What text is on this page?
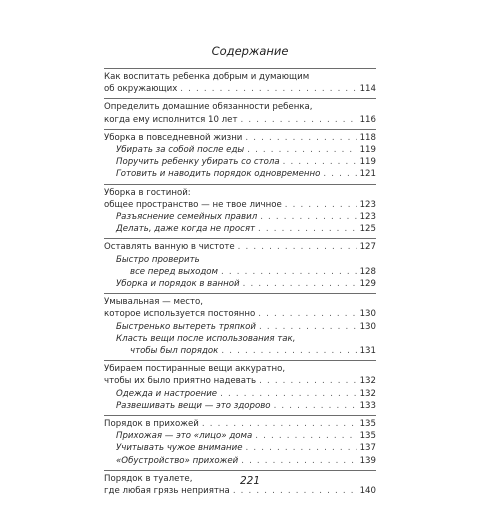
Содержание
Как воспитать ребенка добрым и думающим
об окружающих . . .	114
Определить домашние обязанности ребенка,
когда ему исполнится 10 лет . . .	116
Уборка в повседневной жизни . . .	118
Убирать за собой после еды . . .	119
Поручить ребенку убирать со стола . . .	119
Готовить и наводить порядок одновременно . . .	121
Уборка в гостиной:
общее пространство — не твое личное . . .	123
Разъяснение семейных правил . . .	123
Делать, даже когда не просят . . .	125
Оставлять ванную в чистоте . . .	127
Быстро проверить
все перед выходом . . .	128
Уборка и порядок в ванной . . .	129
Умывальная — место,
которое используется постоянно . . .	130
Быстренько вытереть тряпкой . . .	130
Класть вещи после использования так,
чтобы был порядок . . .	131
Убираем постиранные вещи аккуратно,
чтобы их было приятно надевать . . .	132
Одежда и настроение . . .	132
Развешивать вещи — это здорово . . .	133
Порядок в прихожей . . .	135
Прихожая — это «лицо» дома . . .	135
Учитывать чужое внимание . . .	137
«Обустройство» прихожей . . .	139
Порядок в туалете,
где любая грязь неприятна . . .	140
221
